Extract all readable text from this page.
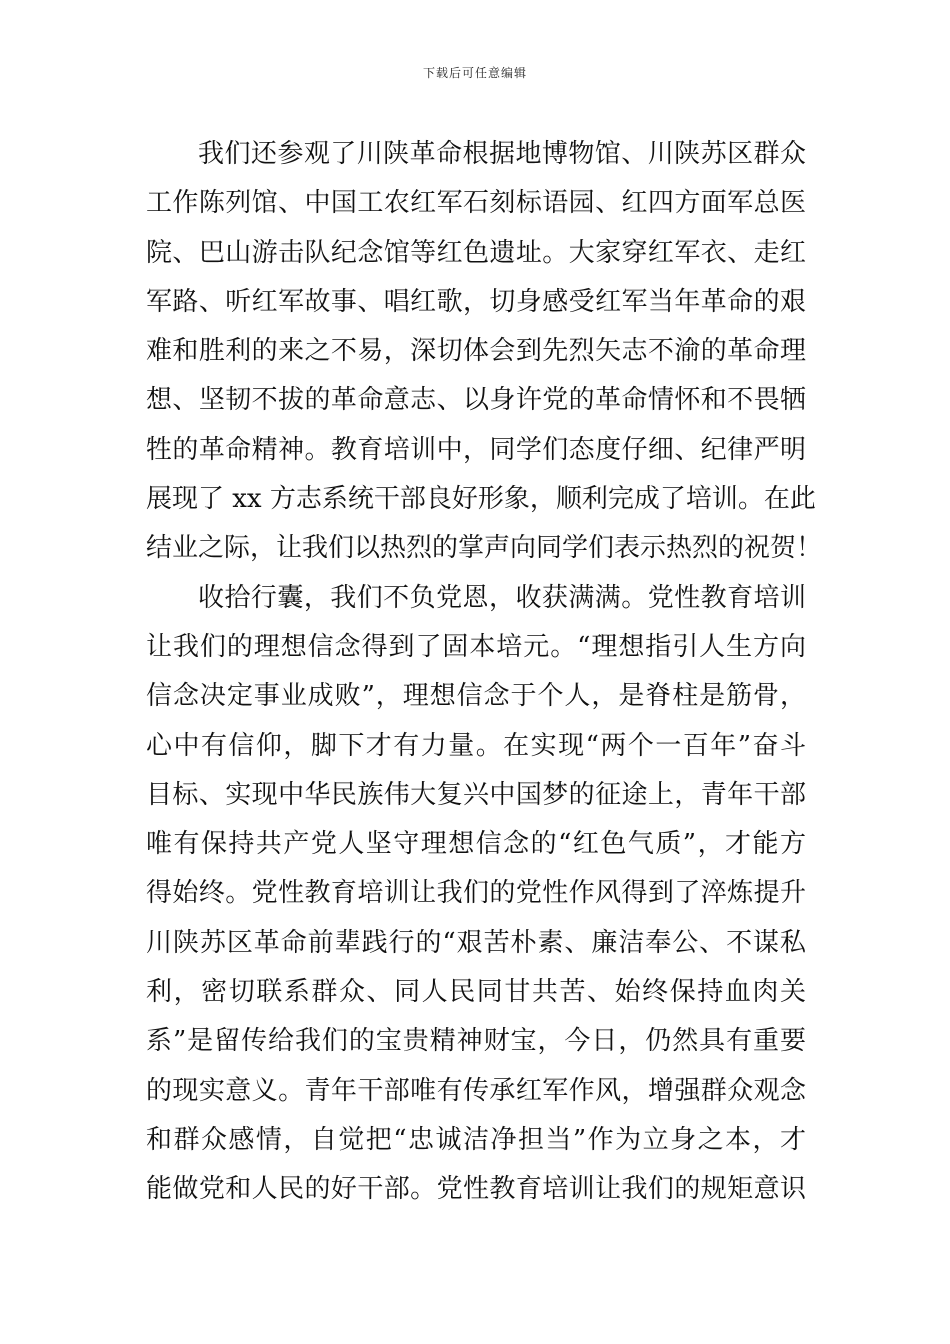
下载后可任意编辑
我们还参观了川陕革命根据地博物馆、川陕苏区群众
工作陈列馆、中国工农红军石刻标语园、红四方面军总医
院、巴山游击队纪念馆等红色遗址。大家穿红军衣、走红
军路、听红军故事、唱红歌，切身感受红军当年革命的艰
难和胜利的来之不易，深切体会到先烈矢志不渝的革命理
想、坚韧不拔的革命意志、以身许党的革命情怀和不畏牺
牲的革命精神。教育培训中，同学们态度仔细、纪律严明
展现了 xx 方志系统干部良好形象，顺利完成了培训。在此
结业之际，让我们以热烈的掌声向同学们表示热烈的祝贺！
收拾行囊，我们不负党恩，收获满满。党性教育培训
让我们的理想信念得到了固本培元。“理想指引人生方向
信念决定事业成败”，理想信念于个人，是脊柱是筋骨，
心中有信仰，脚下才有力量。在实现“两个一百年”奋斗
目标、实现中华民族伟大复兴中国梦的征途上，青年干部
唯有保持共产党人坚守理想信念的“红色气质”，才能方
得始终。党性教育培训让我们的党性作风得到了淬炼提升
川陕苏区革命前辈践行的“艰苦朴素、廉洁奉公、不谋私
利，密切联系群众、同人民同甘共苦、始终保持血肉关
系”是留传给我们的宝贵精神财宝，今日，仍然具有重要
的现实意义。青年干部唯有传承红军作风，增强群众观念
和群众感情，自觉把“忠诚洁净担当”作为立身之本，才
能做党和人民的好干部。党性教育培训让我们的规矩意识
